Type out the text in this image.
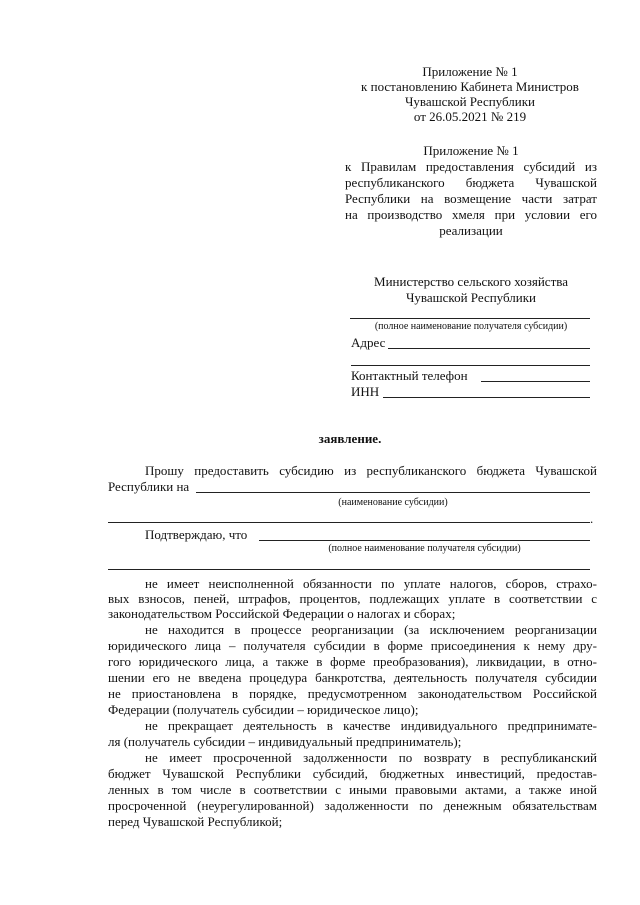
Приложение № 1
к постановлению Кабинета Министров
Чувашской Республики
от 26.05.2021 № 219
Приложение № 1
к Правилам предоставления субсидий из
республиканского бюджета Чувашской
Республики на возмещение части затрат
на производство хмеля при условии его
реализации
Министерство сельского хозяйства
Чувашской Республики
(полное наименование получателя субсидии)
Адрес
Контактный телефон
ИНН
заявление.
Прошу предоставить субсидию из республиканского бюджета Чувашской
Республики на
(наименование субсидии)
.
Подтверждаю, что
(полное наименование получателя субсидии)
не имеет неисполненной обязанности по уплате налогов, сборов, страхо-
вых взносов, пеней, штрафов, процентов, подлежащих уплате в соответствии с
законодательством Российской Федерации о налогах и сборах;
не находится в процессе реорганизации (за исключением реорганизации
юридического лица – получателя субсидии в форме присоединения к нему дру-
гого юридического лица, а также в форме преобразования), ликвидации, в отно-
шении его не введена процедура банкротства, деятельность получателя субсидии
не приостановлена в порядке, предусмотренном законодательством Российской
Федерации (получатель субсидии – юридическое лицо);
не прекращает деятельность в качестве индивидуального предпринимате-
ля (получатель субсидии – индивидуальный предприниматель);
не имеет просроченной задолженности по возврату в республиканский
бюджет Чувашской Республики субсидий, бюджетных инвестиций, предостав-
ленных в том числе в соответствии с иными правовыми актами, а также иной
просроченной (неурегулированной) задолженности по денежным обязательствам
перед Чувашской Республикой;
